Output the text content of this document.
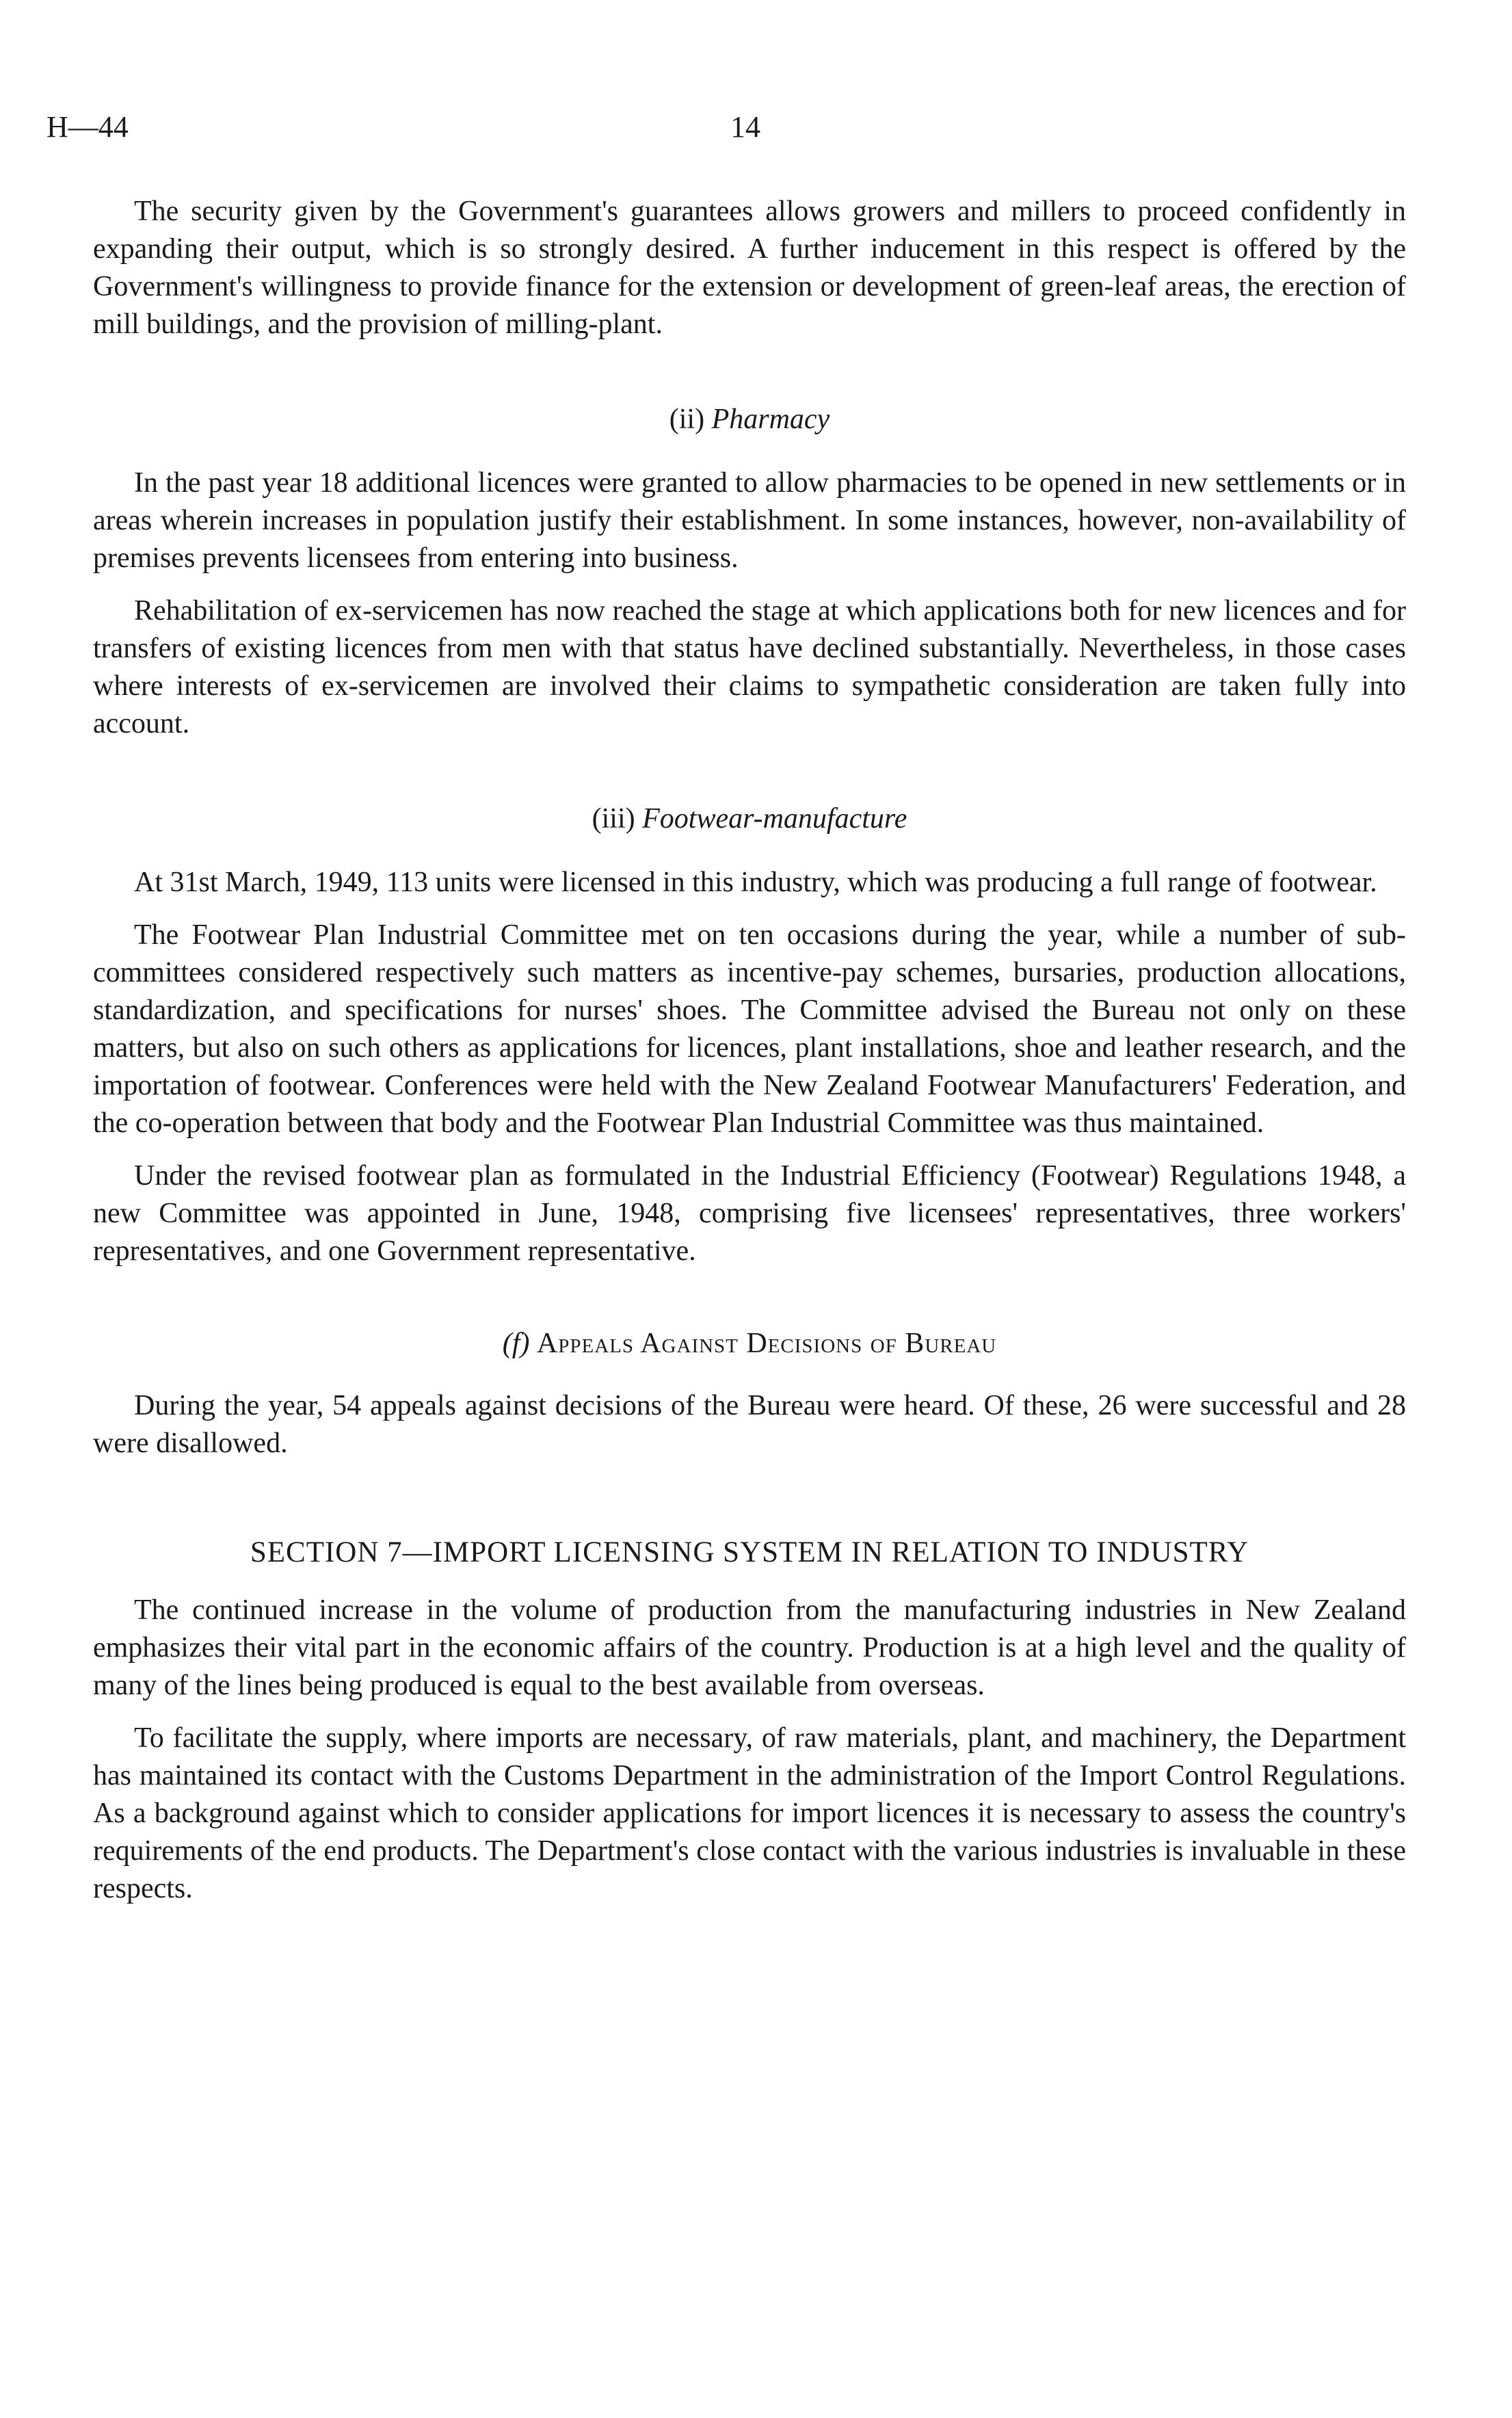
H—44	14

The security given by the Government's guarantees allows growers and millers to proceed confidently in expanding their output, which is so strongly desired. A further inducement in this respect is offered by the Government's willingness to provide finance for the extension or development of green-leaf areas, the erection of mill buildings, and the provision of milling-plant.

(ii) Pharmacy

In the past year 18 additional licences were granted to allow pharmacies to be opened in new settlements or in areas wherein increases in population justify their establishment. In some instances, however, non-availability of premises prevents licensees from entering into business.

Rehabilitation of ex-servicemen has now reached the stage at which applications both for new licences and for transfers of existing licences from men with that status have declined substantially. Nevertheless, in those cases where interests of ex-servicemen are involved their claims to sympathetic consideration are taken fully into account.

(iii) Footwear-manufacture

At 31st March, 1949, 113 units were licensed in this industry, which was producing a full range of footwear.

The Footwear Plan Industrial Committee met on ten occasions during the year, while a number of sub-committees considered respectively such matters as incentive-pay schemes, bursaries, production allocations, standardization, and specifications for nurses' shoes. The Committee advised the Bureau not only on these matters, but also on such others as applications for licences, plant installations, shoe and leather research, and the importation of footwear. Conferences were held with the New Zealand Footwear Manufacturers' Federation, and the co-operation between that body and the Footwear Plan Industrial Committee was thus maintained.

Under the revised footwear plan as formulated in the Industrial Efficiency (Footwear) Regulations 1948, a new Committee was appointed in June, 1948, comprising five licensees' representatives, three workers' representatives, and one Government representative.

(f) Appeals Against Decisions of Bureau

During the year, 54 appeals against decisions of the Bureau were heard. Of these, 26 were successful and 28 were disallowed.

SECTION 7—IMPORT LICENSING SYSTEM IN RELATION TO INDUSTRY

The continued increase in the volume of production from the manufacturing industries in New Zealand emphasizes their vital part in the economic affairs of the country. Production is at a high level and the quality of many of the lines being produced is equal to the best available from overseas.

To facilitate the supply, where imports are necessary, of raw materials, plant, and machinery, the Department has maintained its contact with the Customs Department in the administration of the Import Control Regulations. As a background against which to consider applications for import licences it is necessary to assess the country's requirements of the end products. The Department's close contact with the various industries is invaluable in these respects.
